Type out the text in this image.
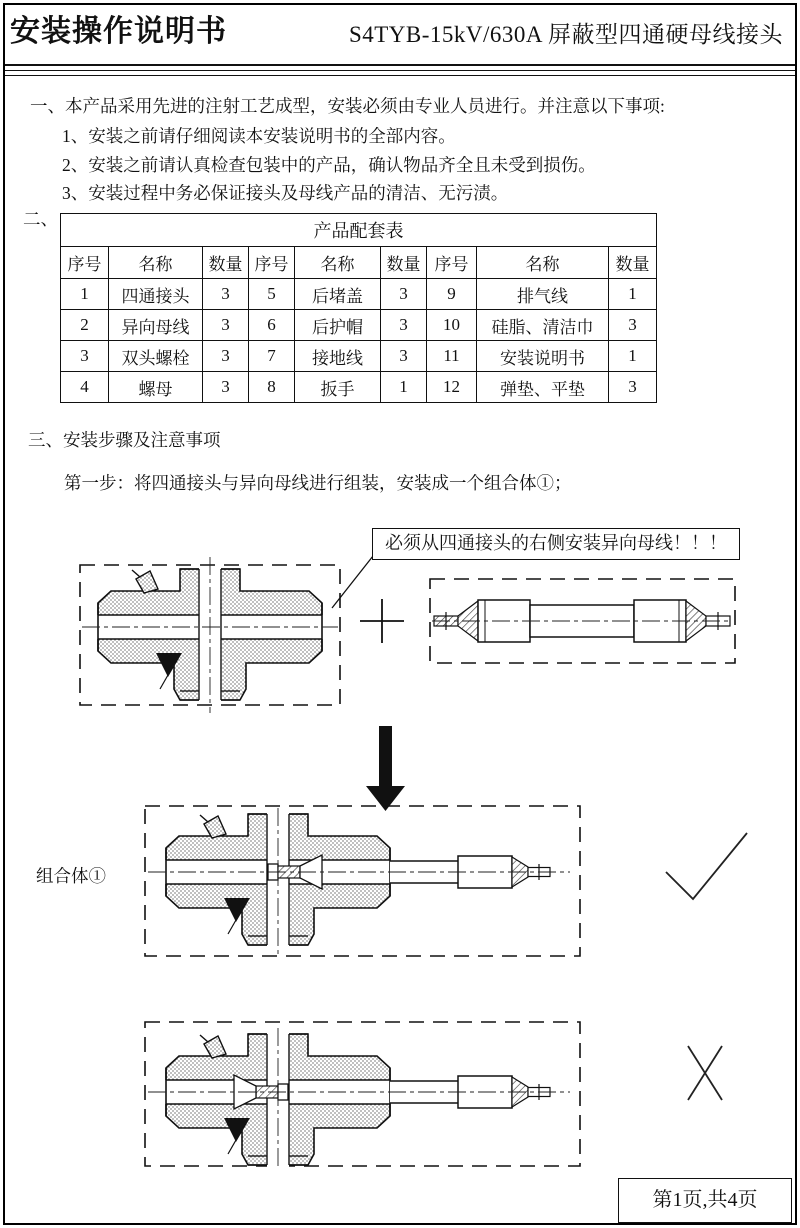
安装操作说明书	S4TYB-15kV/630A 屏蔽型四通硬母线接头
一、本产品采用先进的注射工艺成型，安装必须由专业人员进行。并注意以下事项:
1、安装之前请仔细阅读本安装说明书的全部内容。
2、安装之前请认真检查包装中的产品，确认物品齐全且未受到损伤。
3、安装过程中务必保证接头及母线产品的清洁、无污渍。
二、
产品配套表								
序号	名称	数量	序号	名称	数量	序号	名称	数量
1	四通接头	3	5	后堵盖	3	9	排气线	1
2	异向母线	3	6	后护帽	3	10	硅脂、清洁巾	3
3	双头螺栓	3	7	接地线	3	11	安装说明书	1
4	螺母	3	8	扳手	1	12	弹垫、平垫	3
三、安装步骤及注意事项
第一步：将四通接头与异向母线进行组装，安装成一个组合体①；
必须从四通接头的右侧安装异向母线！！！
组合体①
第1页,共4页
